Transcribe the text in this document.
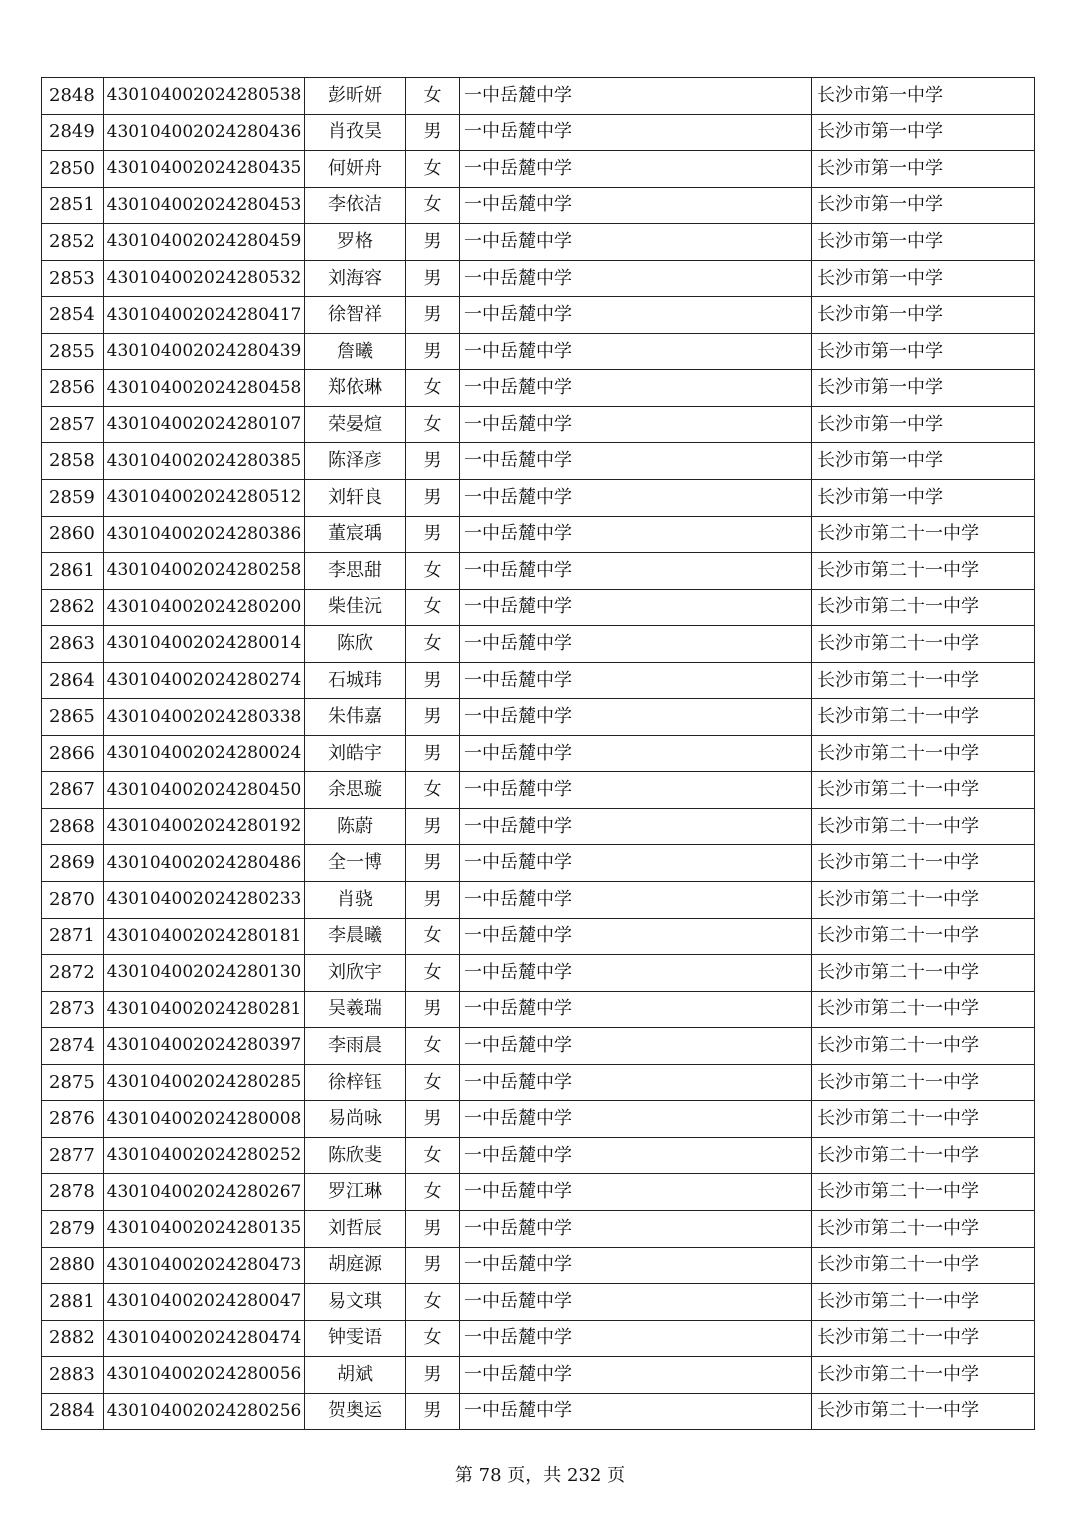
2848	430104002024280538	彭昕妍	女	一中岳麓中学	长沙市第一中学
2849	430104002024280436	肖孜昊	男	一中岳麓中学	长沙市第一中学
2850	430104002024280435	何妍舟	女	一中岳麓中学	长沙市第一中学
2851	430104002024280453	李依洁	女	一中岳麓中学	长沙市第一中学
2852	430104002024280459	罗格	男	一中岳麓中学	长沙市第一中学
2853	430104002024280532	刘海容	男	一中岳麓中学	长沙市第一中学
2854	430104002024280417	徐智祥	男	一中岳麓中学	长沙市第一中学
2855	430104002024280439	詹曦	男	一中岳麓中学	长沙市第一中学
2856	430104002024280458	郑依琳	女	一中岳麓中学	长沙市第一中学
2857	430104002024280107	荣晏煊	女	一中岳麓中学	长沙市第一中学
2858	430104002024280385	陈泽彦	男	一中岳麓中学	长沙市第一中学
2859	430104002024280512	刘轩良	男	一中岳麓中学	长沙市第一中学
2860	430104002024280386	董宸瑀	男	一中岳麓中学	长沙市第二十一中学
2861	430104002024280258	李思甜	女	一中岳麓中学	长沙市第二十一中学
2862	430104002024280200	柴佳沅	女	一中岳麓中学	长沙市第二十一中学
2863	430104002024280014	陈欣	女	一中岳麓中学	长沙市第二十一中学
2864	430104002024280274	石城玮	男	一中岳麓中学	长沙市第二十一中学
2865	430104002024280338	朱伟嘉	男	一中岳麓中学	长沙市第二十一中学
2866	430104002024280024	刘皓宇	男	一中岳麓中学	长沙市第二十一中学
2867	430104002024280450	余思璇	女	一中岳麓中学	长沙市第二十一中学
2868	430104002024280192	陈蔚	男	一中岳麓中学	长沙市第二十一中学
2869	430104002024280486	全一博	男	一中岳麓中学	长沙市第二十一中学
2870	430104002024280233	肖骁	男	一中岳麓中学	长沙市第二十一中学
2871	430104002024280181	李晨曦	女	一中岳麓中学	长沙市第二十一中学
2872	430104002024280130	刘欣宇	女	一中岳麓中学	长沙市第二十一中学
2873	430104002024280281	吴羲瑞	男	一中岳麓中学	长沙市第二十一中学
2874	430104002024280397	李雨晨	女	一中岳麓中学	长沙市第二十一中学
2875	430104002024280285	徐梓钰	女	一中岳麓中学	长沙市第二十一中学
2876	430104002024280008	易尚咏	男	一中岳麓中学	长沙市第二十一中学
2877	430104002024280252	陈欣斐	女	一中岳麓中学	长沙市第二十一中学
2878	430104002024280267	罗江琳	女	一中岳麓中学	长沙市第二十一中学
2879	430104002024280135	刘哲辰	男	一中岳麓中学	长沙市第二十一中学
2880	430104002024280473	胡庭源	男	一中岳麓中学	长沙市第二十一中学
2881	430104002024280047	易文琪	女	一中岳麓中学	长沙市第二十一中学
2882	430104002024280474	钟雯语	女	一中岳麓中学	长沙市第二十一中学
2883	430104002024280056	胡斌	男	一中岳麓中学	长沙市第二十一中学
2884	430104002024280256	贺奥运	男	一中岳麓中学	长沙市第二十一中学
第 78 页，共 232 页
